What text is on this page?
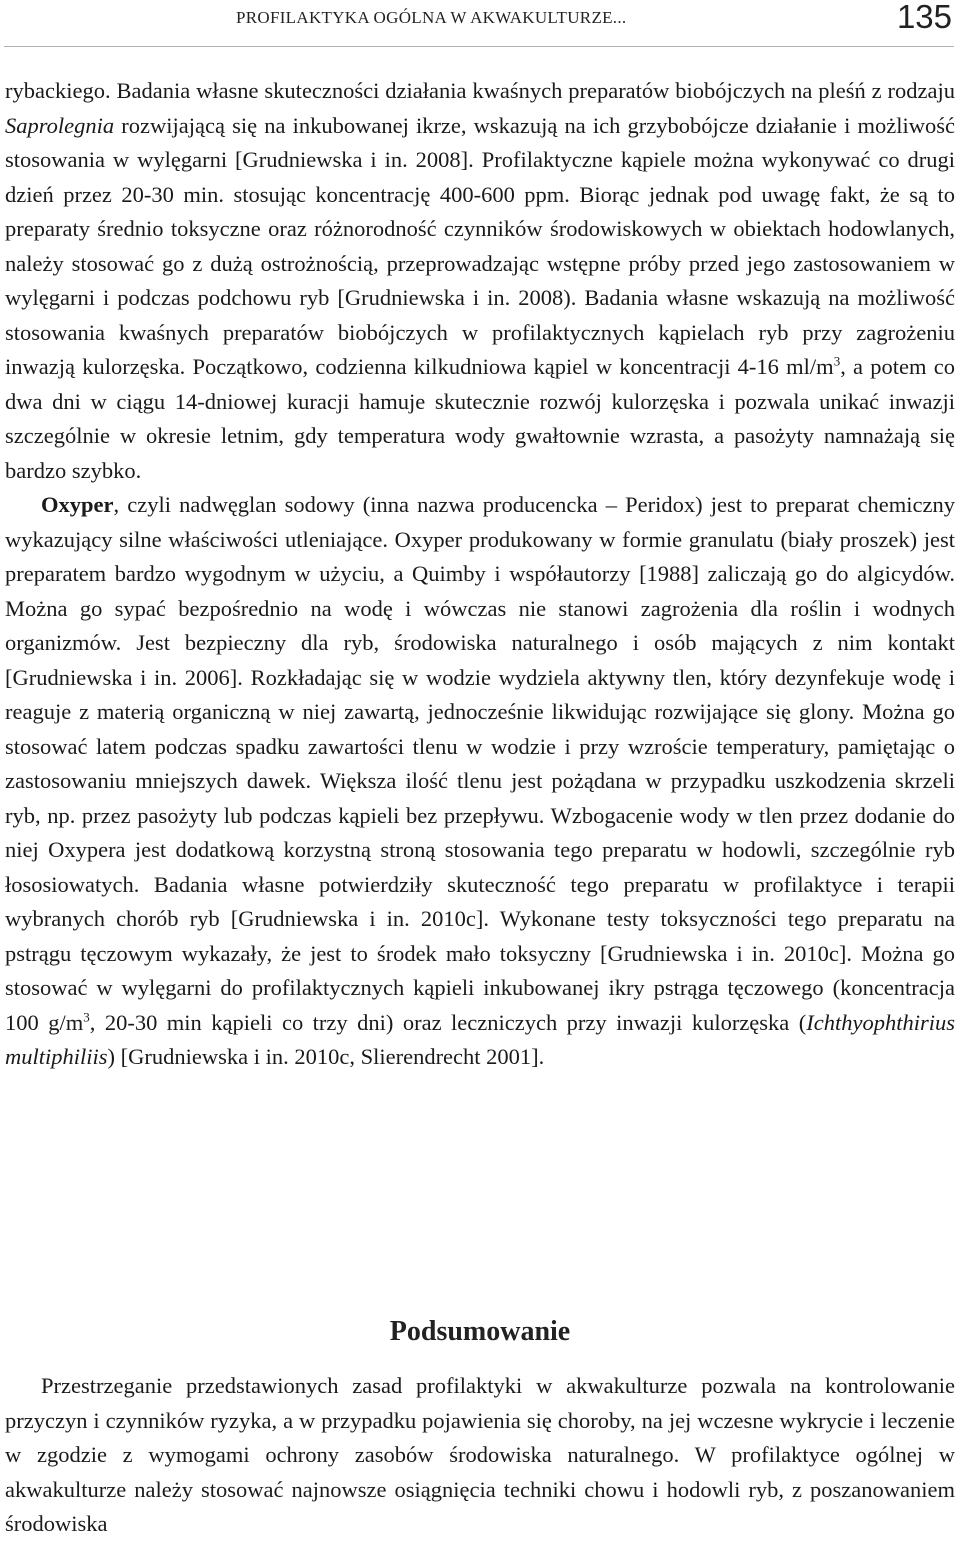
PROFILAKTYKA OGÓLNA W AKWAKULTURZE...	135

rybackiego. Badania własne skuteczności działania kwaśnych preparatów biobójczych na pleśń z rodzaju Saprolegnia rozwijającą się na inkubowanej ikrze, wskazują na ich grzybobójcze działanie i możliwość stosowania w wylęgarni [Grudniewska i in. 2008]. Profilaktyczne kąpiele można wykonywać co drugi dzień przez 20-30 min. stosując koncentrację 400-600 ppm. Biorąc jednak pod uwagę fakt, że są to preparaty średnio toksyczne oraz różnorodność czynników środowiskowych w obiektach hodowlanych, należy stosować go z dużą ostrożnością, przeprowadzając wstępne próby przed jego zastosowaniem w wylęgarni i podczas podchowu ryb [Grudniewska i in. 2008). Badania własne wskazują na możliwość stosowania kwaśnych preparatów biobójczych w profilaktycznych kąpielach ryb przy zagrożeniu inwazją kulorzęska. Początkowo, codzienna kilkudniowa kąpiel w koncentracji 4-16 $ml/m^3$, a potem co dwa dni w ciągu 14-dniowej kuracji hamuje skutecznie rozwój kulorzęska i pozwala unikać inwazji szczególnie w okresie letnim, gdy temperatura wody gwałtownie wzrasta, a pasożyty namnażają się bardzo szybko.

Oxyper, czyli nadwęglan sodowy (inna nazwa producencka – Peridox) jest to preparat chemiczny wykazujący silne właściwości utleniające. Oxyper produkowany w formie granulatu (biały proszek) jest preparatem bardzo wygodnym w użyciu, a Quimby i współautorzy [1988] zaliczają go do algicydów. Można go sypać bezpośrednio na wodę i wówczas nie stanowi zagrożenia dla roślin i wodnych organizmów. Jest bezpieczny dla ryb, środowiska naturalnego i osób mających z nim kontakt [Grudniewska i in. 2006]. Rozkładając się w wodzie wydziela aktywny tlen, który dezynfekuje wodę i reaguje z materią organiczną w niej zawartą, jednocześnie likwidując rozwijające się glony. Można go stosować latem podczas spadku zawartości tlenu w wodzie i przy wzroście temperatury, pamiętając o zastosowaniu mniejszych dawek. Większa ilość tlenu jest pożądana w przypadku uszkodzenia skrzeli ryb, np. przez pasożyty lub podczas kąpieli bez przepływu. Wzbogacenie wody w tlen przez dodanie do niej Oxypera jest dodatkową korzystną stroną stosowania tego preparatu w hodowli, szczególnie ryb łososiowatych. Badania własne potwierdziły skuteczność tego preparatu w profilaktyce i terapii wybranych chorób ryb [Grudniewska i in. 2010c]. Wykonane testy toksyczności tego preparatu na pstrągu tęczowym wykazały, że jest to środek mało toksyczny [Grudniewska i in. 2010c]. Można go stosować w wylęgarni do profilaktycznych kąpieli inkubowanej ikry pstrąga tęczowego (koncentracja 100 $g/m^3$, 20-30 min kąpieli co trzy dni) oraz leczniczych przy inwazji kulorzęska (Ichthyophthirius multiphiliis) [Grudniewska i in. 2010c, Slierendrecht 2001].

Podsumowanie

Przestrzeganie przedstawionych zasad profilaktyki w akwakulturze pozwala na kontrolowanie przyczyn i czynników ryzyka, a w przypadku pojawienia się choroby, na jej wczesne wykrycie i leczenie w zgodzie z wymogami ochrony zasobów środowiska naturalnego. W profilaktyce ogólnej w akwakulturze należy stosować najnowsze osiągnięcia techniki chowu i hodowli ryb, z poszanowaniem środowiska
